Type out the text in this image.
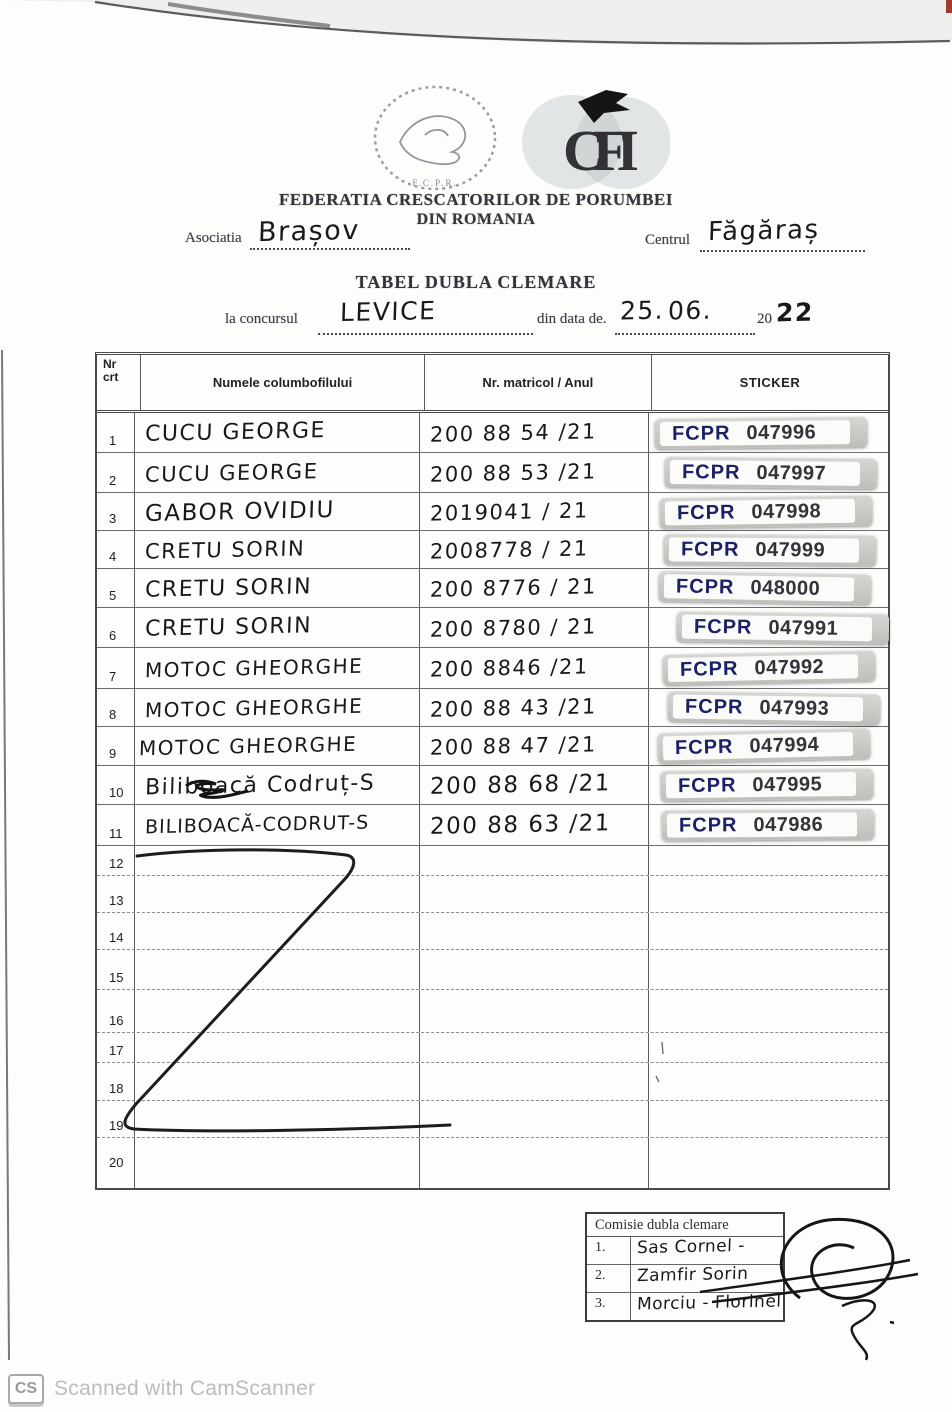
F.C.P.R. CFI
FEDERATIA CRESCATORILOR DE PORUMBEI
DIN ROMANIA
Asociatia Brașov	Centrul Făgăraș
TABEL DUBLA CLEMARE
la concursul LEVICE	din data de. 25. 06.	20 22
Nr
crt	Numele columbofilului	Nr. matricol / Anul	STICKER
1 CUCU GEORGE	200 88 54 /21	FCPR 047996
2 CUCU GEORGE	200 88 53 /21	FCPR 047997
3 GABOR OVIDIU	2019041 / 21	FCPR 047998
4 CRETU SORIN	2008778 / 21	FCPR 047999
5 CRETU SORIN	200 8776 / 21	FCPR 048000
6 CRETU SORIN	200 8780 / 21	FCPR 047991
7 MOTOC GHEORGHE	200 8846 /21	FCPR 047992
8 MOTOC GHEORGHE	200 88 43 /21	FCPR 047993
9 MOTOC GHEORGHE	200 88 47 /21	FCPR 047994
10 Biliboacă Codruț-S 200 88 68 /21	FCPR 047995
11 BILIBOACĂ-CODRUT-S	200 88 63 /21	FCPR 047986
12
13
14
15
16
17
18
19
20
Comisie dubla clemare
1.	Sas Cornel -
2.	Zamfir Sorin
3.	Morciu - Florinel
CS Scanned with CamScanner
